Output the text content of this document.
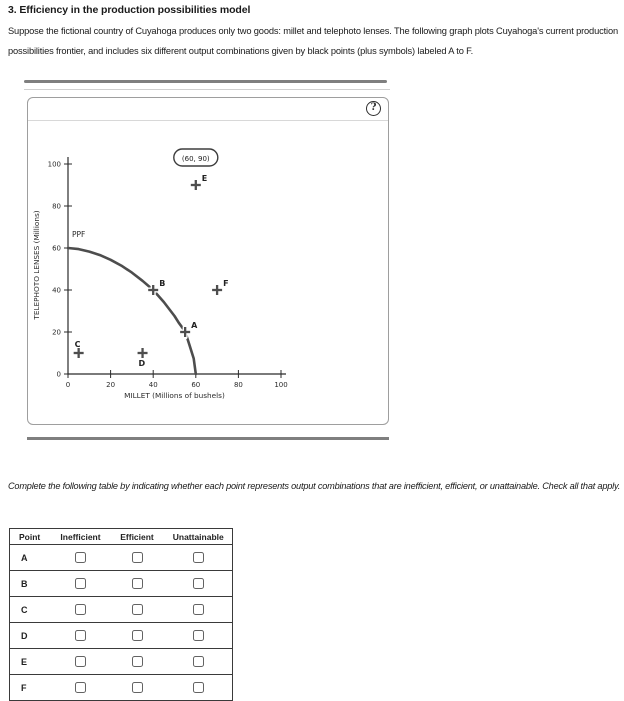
3. Efficiency in the production possibilities model
Suppose the fictional country of Cuyahoga produces only two goods: millet and telephoto lenses. The following graph plots Cuyahoga's current production possibilities frontier, and includes six different output combinations given by black points (plus symbols) labeled A to F.
?
0
20
40
60
80
100
0	20	40	60	80	100
MILLET (Millions of bushels)
TELEPHOTO LENSES (Millions)	PPF
(60, 90)
A
B
C
D
E
F
Complete the following table by indicating whether each point represents output combinations that are inefficient, efficient, or unattainable. Check all that apply.
Point	Inefficient	Efficient	Unattainable
A			
B			
C			
D			
E			
F			
